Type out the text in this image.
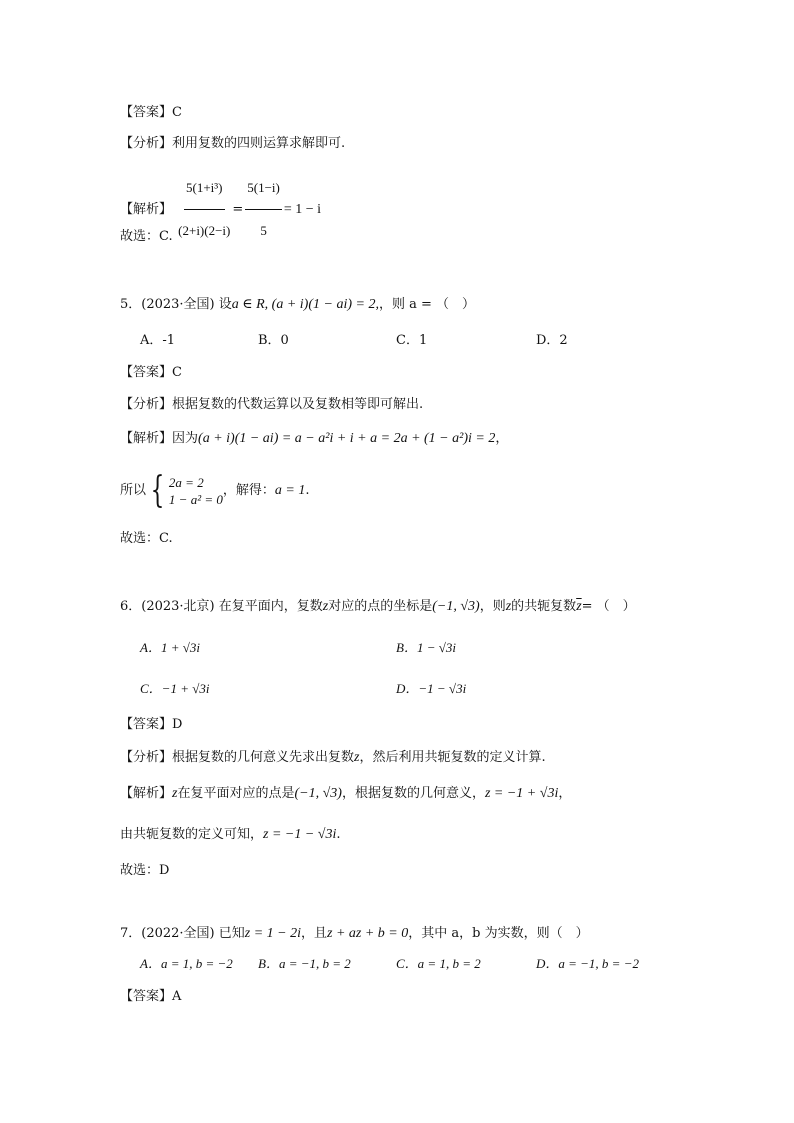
【答案】C
【分析】利用复数的四则运算求解即可.
【解析】 $\frac{\text{5(1+i³)}}{(2+i)(2-i)} = \frac{5(1-i)}{5} = 1 - i$
故选：C.
5．(2023·全国) 设a ∈ R, (a + i)(1 − ai) = 2,，则 a = （　）
A．-1	B．0	C．1	D．2
【答案】C
【分析】根据复数的代数运算以及复数相等即可解出.
【解析】因为(a + i)(1 − ai) = a − a²i + i + a = 2a + (1 − a²)i = 2，
所以 { 2a = 2
1 − a² = 0
，解得：a = 1.
故选：C.
6．(2023·北京) 在复平面内，复数z对应的点的坐标是(−1, √3)，则z的共轭复数$\overline{z}=$ （　）
A．1 + √3i	B．1 − √3i
C．−1 + √3i	D．−1 − √3i
【答案】D
【分析】根据复数的几何意义先求出复数z，然后利用共轭复数的定义计算.
【解析】z在复平面对应的点是(−1, √3)，根据复数的几何意义，z = −1 + √3i，
由共轭复数的定义可知，z = −1 − √3i.
故选：D
7．(2022·全国) 已知z = 1 − 2i，且z + az + b = 0，其中 a，b 为实数，则（　）
A．a = 1, b = −2 B．a = −1, b = 2	C．a = 1, b = 2	D．a = −1, b = −2
【答案】A
